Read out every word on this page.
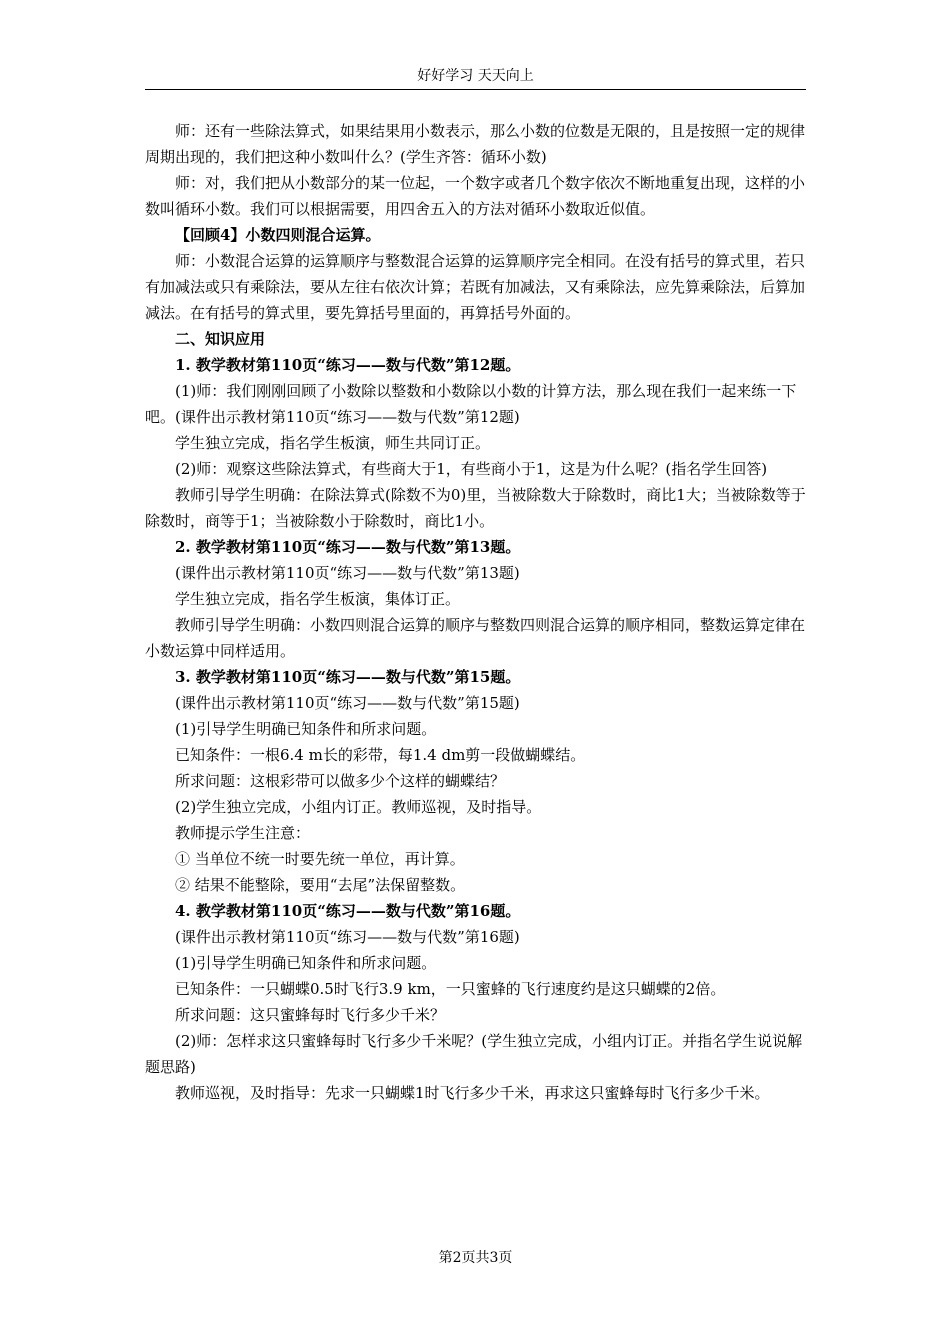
好好学习 天天向上

师：还有一些除法算式，如果结果用小数表示，那么小数的位数是无限的，且是按照一定的规律周期出现的，我们把这种小数叫什么？(学生齐答：循环小数)

师：对，我们把从小数部分的某一位起，一个数字或者几个数字依次不断地重复出现，这样的小数叫循环小数。我们可以根据需要，用四舍五入的方法对循环小数取近似值。

【回顾4】小数四则混合运算。

师：小数混合运算的运算顺序与整数混合运算的运算顺序完全相同。在没有括号的算式里，若只有加减法或只有乘除法，要从左往右依次计算；若既有加减法，又有乘除法，应先算乘除法，后算加减法。在有括号的算式里，要先算括号里面的，再算括号外面的。

二、知识应用

1. 教学教材第110页“练习——数与代数”第12题。

(1)师：我们刚刚回顾了小数除以整数和小数除以小数的计算方法，那么现在我们一起来练一下吧。(课件出示教材第110页“练习——数与代数”第12题)

学生独立完成，指名学生板演，师生共同订正。

(2)师：观察这些除法算式，有些商大于1，有些商小于1，这是为什么呢？(指名学生回答)

教师引导学生明确：在除法算式(除数不为0)里，当被除数大于除数时，商比1大；当被除数等于除数时，商等于1；当被除数小于除数时，商比1小。

2. 教学教材第110页“练习——数与代数”第13题。

(课件出示教材第110页“练习——数与代数”第13题)

学生独立完成，指名学生板演，集体订正。

教师引导学生明确：小数四则混合运算的顺序与整数四则混合运算的顺序相同，整数运算定律在小数运算中同样适用。

3. 教学教材第110页“练习——数与代数”第15题。

(课件出示教材第110页“练习——数与代数”第15题)

(1)引导学生明确已知条件和所求问题。

已知条件：一根6.4 m长的彩带，每1.4 dm剪一段做蝴蝶结。

所求问题：这根彩带可以做多少个这样的蝴蝶结？

(2)学生独立完成，小组内订正。教师巡视，及时指导。

教师提示学生注意：

① 当单位不统一时要先统一单位，再计算。

② 结果不能整除，要用“去尾”法保留整数。

4. 教学教材第110页“练习——数与代数”第16题。

(课件出示教材第110页“练习——数与代数”第16题)

(1)引导学生明确已知条件和所求问题。

已知条件：一只蝴蝶0.5时飞行3.9 km，一只蜜蜂的飞行速度约是这只蝴蝶的2倍。

所求问题：这只蜜蜂每时飞行多少千米？

(2)师：怎样求这只蜜蜂每时飞行多少千米呢？(学生独立完成，小组内订正。并指名学生说说解题思路)

教师巡视，及时指导：先求一只蝴蝶1时飞行多少千米，再求这只蜜蜂每时飞行多少千米。

第2页共3页
